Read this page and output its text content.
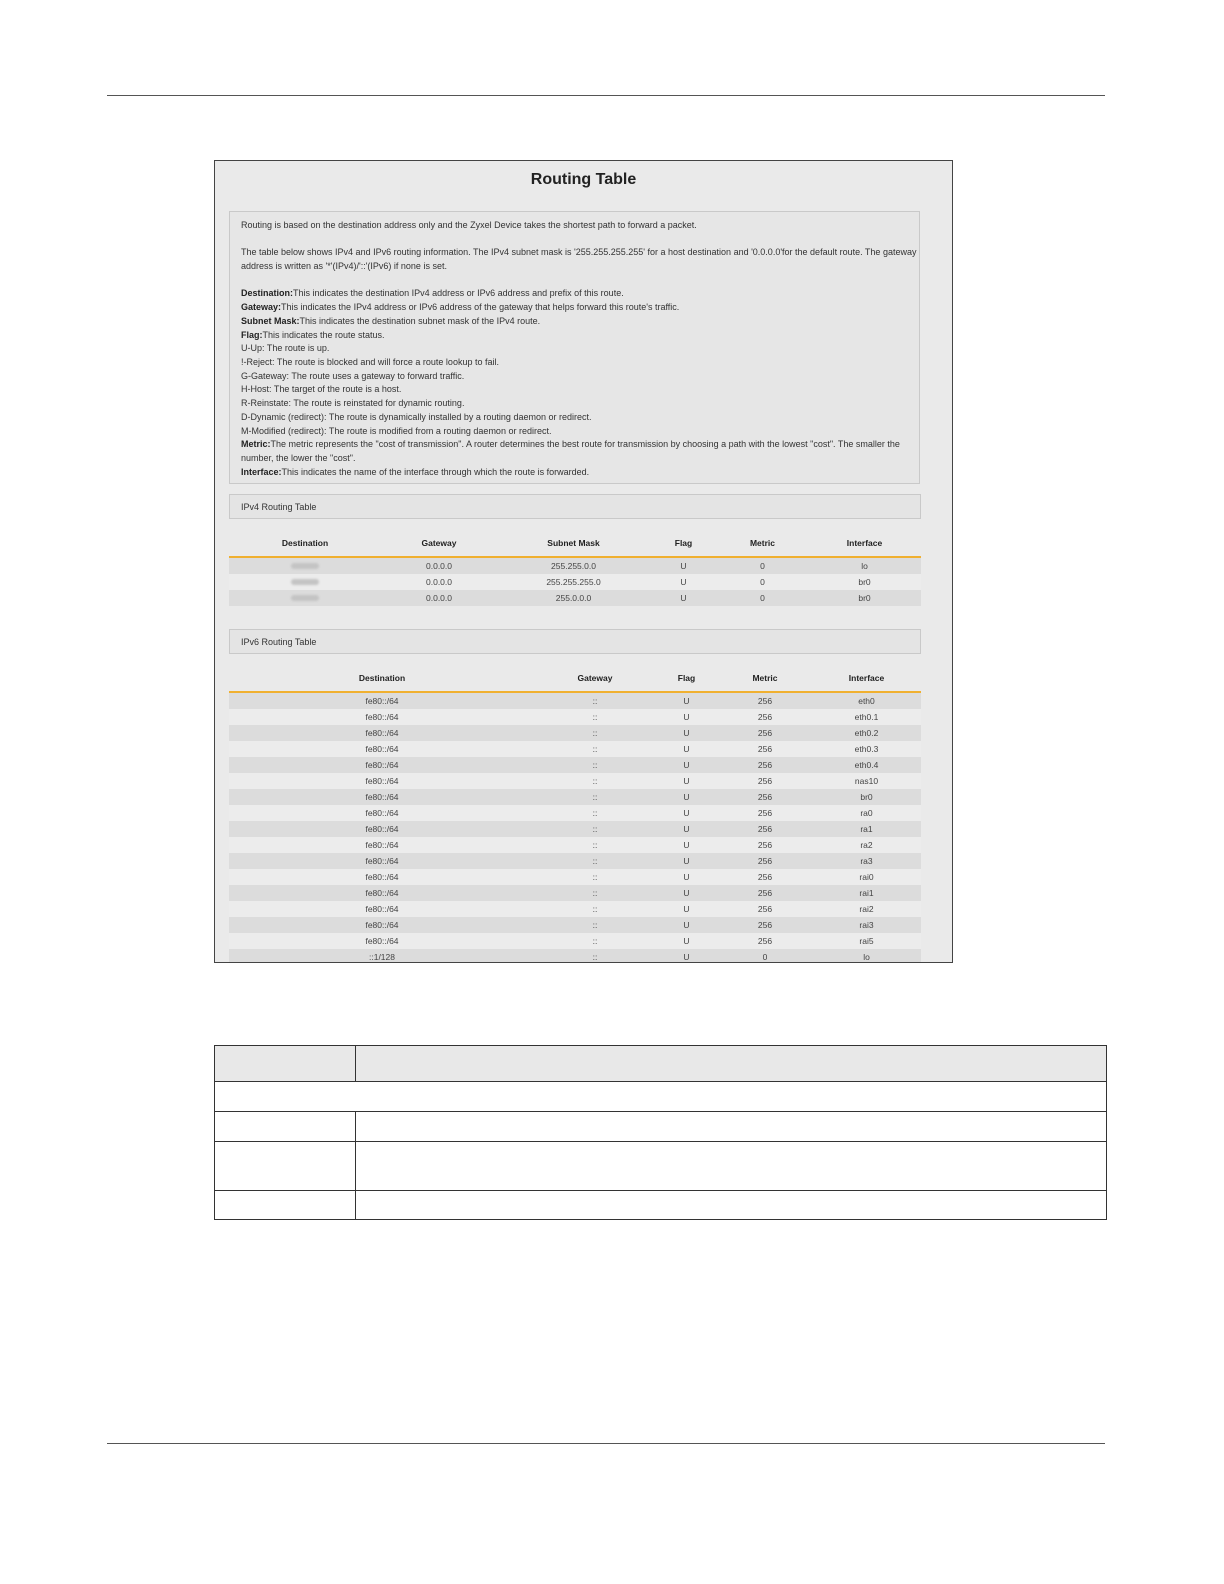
Routing Table

Routing is based on the destination address only and the Zyxel Device takes the shortest path to forward a packet.

The table below shows IPv4 and IPv6 routing information. The IPv4 subnet mask is '255.255.255.255' for a host destination and '0.0.0.0'for the default route. The gateway address is written as '*'(IPv4)/'::'(IPv6) if none is set.

Destination:This indicates the destination IPv4 address or IPv6 address and prefix of this route.

Gateway:This indicates the IPv4 address or IPv6 address of the gateway that helps forward this route's traffic.

Subnet Mask:This indicates the destination subnet mask of the IPv4 route.

Flag:This indicates the route status.

U-Up: The route is up.

!-Reject: The route is blocked and will force a route lookup to fail.

G-Gateway: The route uses a gateway to forward traffic.

H-Host: The target of the route is a host.

R-Reinstate: The route is reinstated for dynamic routing.

D-Dynamic (redirect): The route is dynamically installed by a routing daemon or redirect.

M-Modified (redirect): The route is modified from a routing daemon or redirect.

Metric:The metric represents the "cost of transmission". A router determines the best route for transmission by choosing a path with the lowest "cost". The smaller the number, the lower the "cost".

Interface:This indicates the name of the interface through which the route is forwarded.

IPv4 Routing Table
Destination	Gateway	Subnet Mask	Flag	Metric	Interface
	0.0.0.0	255.255.0.0	U	0	lo
	0.0.0.0	255.255.255.0	U	0	br0
	0.0.0.0	255.0.0.0	U	0	br0
IPv6 Routing Table
Destination	Gateway	Flag	Metric	Interface
fe80::/64	::	U	256	eth0
fe80::/64	::	U	256	eth0.1
fe80::/64	::	U	256	eth0.2
fe80::/64	::	U	256	eth0.3
fe80::/64	::	U	256	eth0.4
fe80::/64	::	U	256	nas10
fe80::/64	::	U	256	br0
fe80::/64	::	U	256	ra0
fe80::/64	::	U	256	ra1
fe80::/64	::	U	256	ra2
fe80::/64	::	U	256	ra3
fe80::/64	::	U	256	rai0
fe80::/64	::	U	256	rai1
fe80::/64	::	U	256	rai2
fe80::/64	::	U	256	rai3
fe80::/64	::	U	256	rai5
::1/128	::	U	0	lo
